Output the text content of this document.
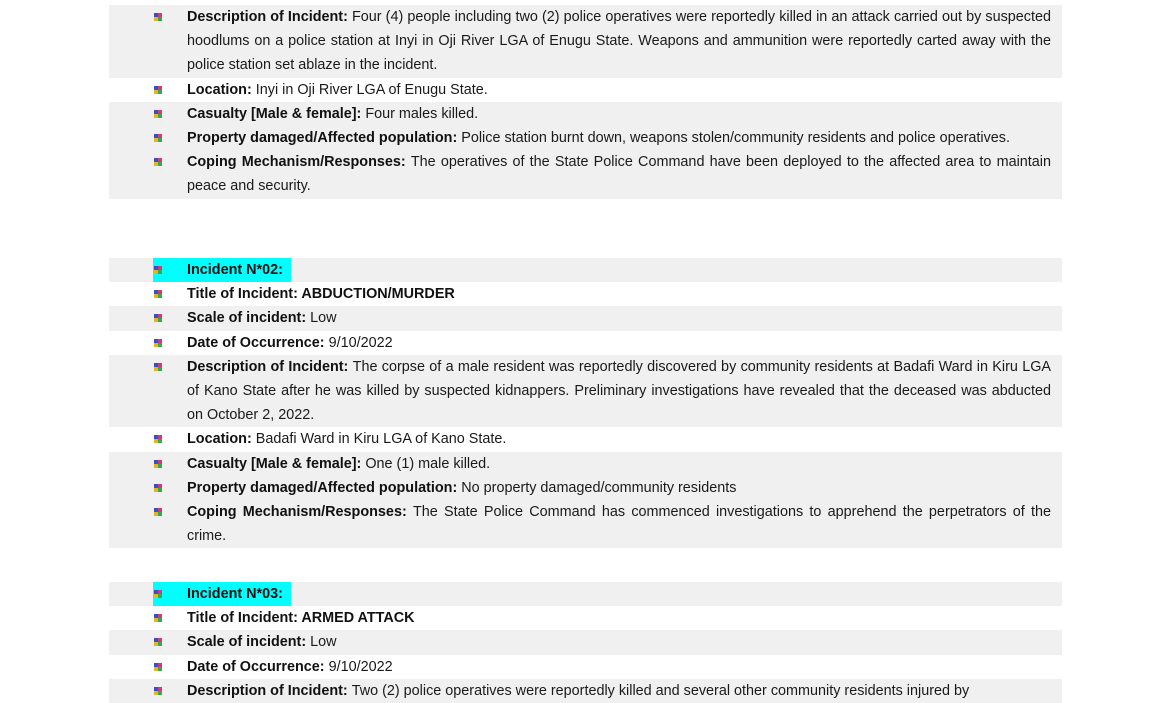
Description of Incident: Four (4) people including two (2) police operatives were reportedly killed in an attack carried out by suspected hoodlums on a police station at Inyi in Oji River LGA of Enugu State. Weapons and ammunition were reportedly carted away with the police station set ablaze in the incident.
Location: Inyi in Oji River LGA of Enugu State.
Casualty [Male & female]: Four males killed.
Property damaged/Affected population: Police station burnt down, weapons stolen/community residents and police operatives.
Coping Mechanism/Responses: The operatives of the State Police Command have been deployed to the affected area to maintain peace and security.
Incident N*02:
Title of Incident: ABDUCTION/MURDER
Scale of incident: Low
Date of Occurrence: 9/10/2022
Description of Incident: The corpse of a male resident was reportedly discovered by community residents at Badafi Ward in Kiru LGA of Kano State after he was killed by suspected kidnappers. Preliminary investigations have revealed that the deceased was abducted on October 2, 2022.
Location: Badafi Ward in Kiru LGA of Kano State.
Casualty [Male & female]: One (1) male killed.
Property damaged/Affected population: No property damaged/community residents
Coping Mechanism/Responses: The State Police Command has commenced investigations to apprehend the perpetrators of the crime.
Incident N*03:
Title of Incident: ARMED ATTACK
Scale of incident: Low
Date of Occurrence: 9/10/2022
Description of Incident: Two (2) police operatives were reportedly killed and several other community residents injured by
